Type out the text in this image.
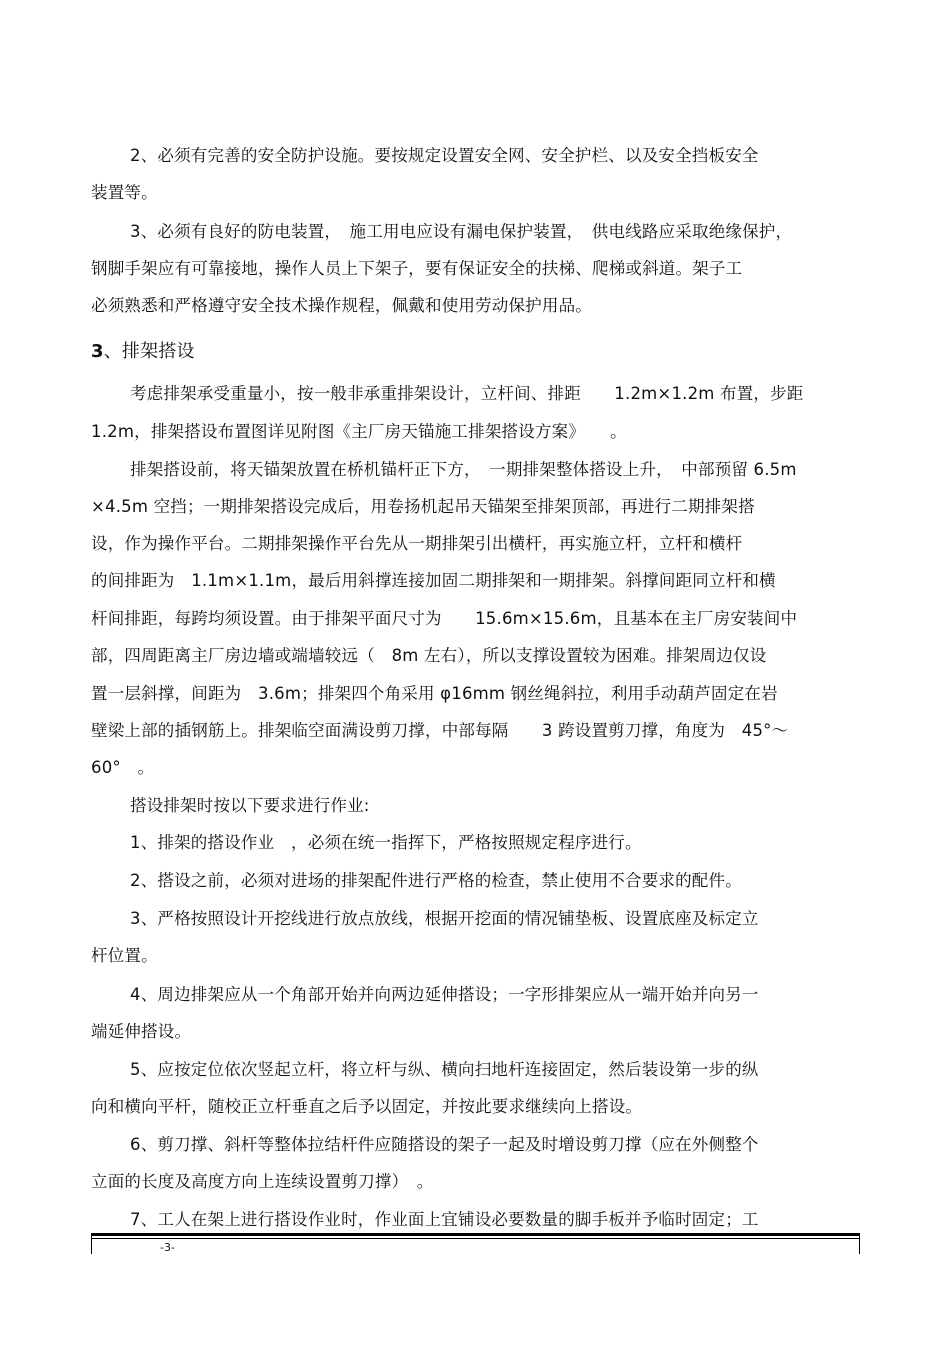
2、必须有完善的安全防护设施。要按规定设置安全网、安全护栏、以及安全挡板安全
装置等。
3、必须有良好的防电装置，　施工用电应设有漏电保护装置，　供电线路应采取绝缘保护，
钢脚手架应有可靠接地，操作人员上下架子，要有保证安全的扶梯、爬梯或斜道。架子工
必须熟悉和严格遵守安全技术操作规程，佩戴和使用劳动保护用品。
3、排架搭设
考虑排架承受重量小，按一般非承重排架设计，立杆间、排距　　1.2m×1.2m 布置，步距
1.2m，排架搭设布置图详见附图《主厂房天锚施工排架搭设方案》　　。
排架搭设前，将天锚架放置在桥机锚杆正下方，　一期排架整体搭设上升，　中部预留 6.5m
×4.5m 空挡；一期排架搭设完成后，用卷扬机起吊天锚架至排架顶部，再进行二期排架搭
设，作为操作平台。二期排架操作平台先从一期排架引出横杆，再实施立杆，立杆和横杆
的间排距为　1.1m×1.1m，最后用斜撑连接加固二期排架和一期排架。斜撑间距同立杆和横
杆间排距，每跨均须设置。由于排架平面尺寸为　　15.6m×15.6m，且基本在主厂房安装间中
部，四周距离主厂房边墙或端墙较远（　8m 左右），所以支撑设置较为困难。排架周边仅设
置一层斜撑，间距为　3.6m；排架四个角采用 φ16mm 钢丝绳斜拉，利用手动葫芦固定在岩
壁梁上部的插钢筋上。排架临空面满设剪刀撑，中部每隔　　3 跨设置剪刀撑，角度为　45°～
60°　。
搭设排架时按以下要求进行作业:
1、排架的搭设作业　，必须在统一指挥下，严格按照规定程序进行。
2、搭设之前，必须对进场的排架配件进行严格的检查，禁止使用不合要求的配件。
3、严格按照设计开挖线进行放点放线，根据开挖面的情况铺垫板、设置底座及标定立
杆位置。
4、周边排架应从一个角部开始并向两边延伸搭设；一字形排架应从一端开始并向另一
端延伸搭设。
5、应按定位依次竖起立杆，将立杆与纵、横向扫地杆连接固定，然后装设第一步的纵
向和横向平杆，随校正立杆垂直之后予以固定，并按此要求继续向上搭设。
6、剪刀撑、斜杆等整体拉结杆件应随搭设的架子一起及时增设剪刀撑（应在外侧整个
立面的长度及高度方向上连续设置剪刀撑）　。
7、工人在架上进行搭设作业时，作业面上宜铺设必要数量的脚手板并予临时固定；工
-3-
